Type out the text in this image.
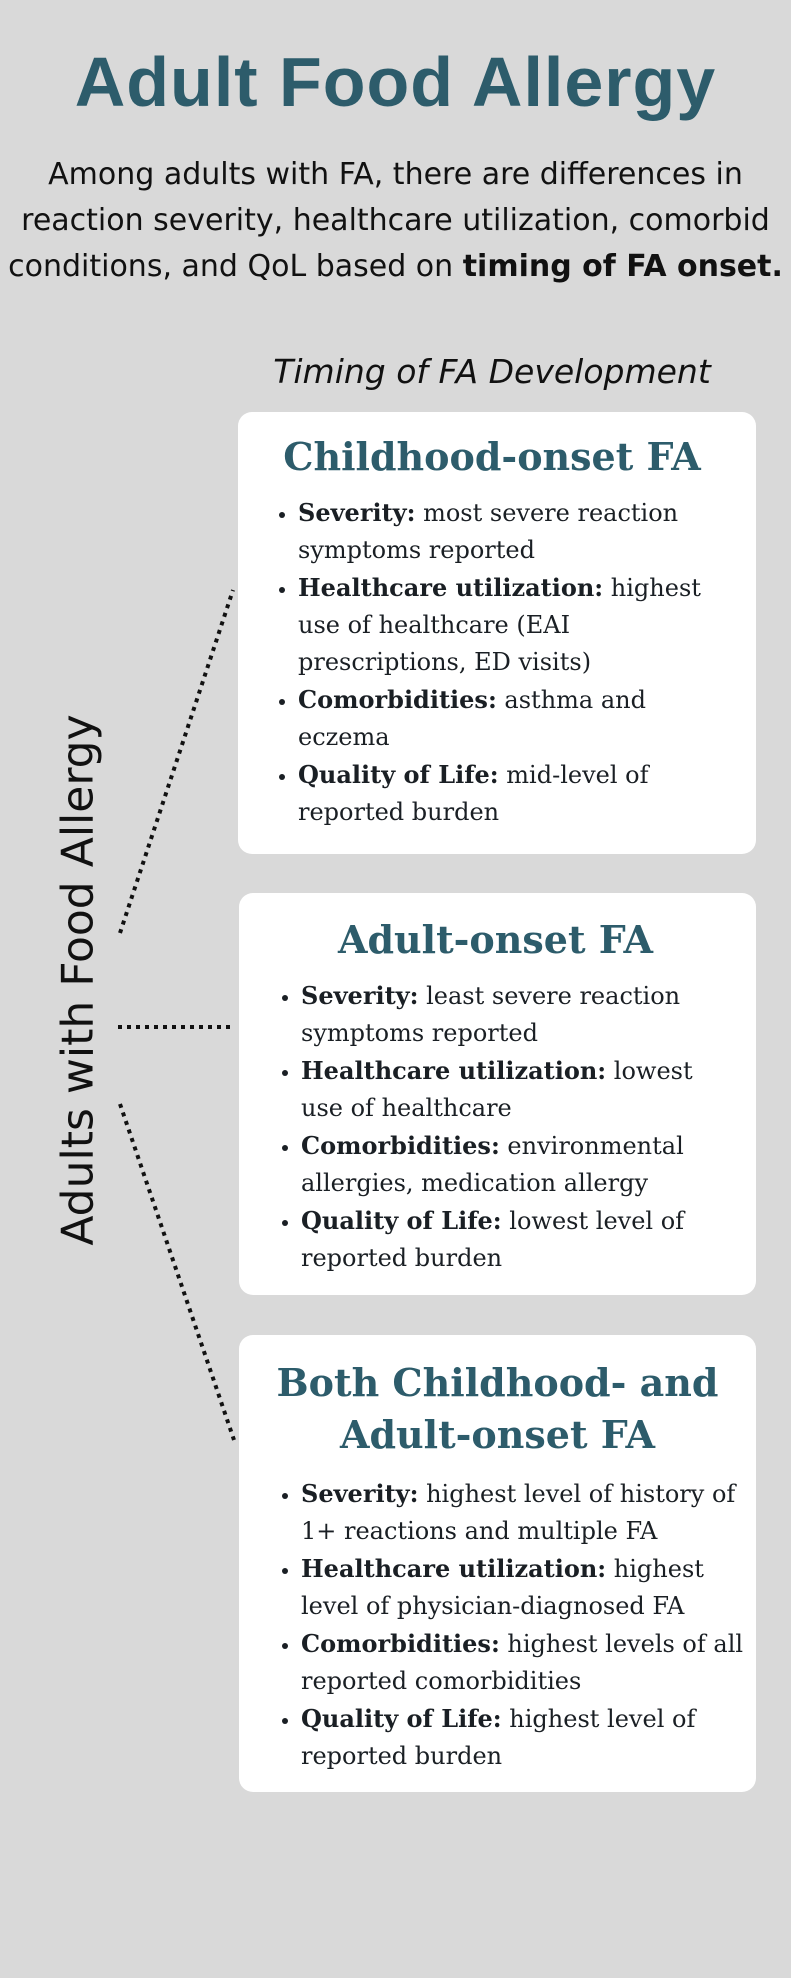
Adult Food Allergy

Among adults with FA, there are differences in reaction severity, healthcare utilization, comorbid conditions, and QoL based on timing of FA onset.

Timing of FA Development
Adults with Food Allergy
Childhood-onset FA
• Severity: most severe reaction symptoms reported
• Healthcare utilization: highest use of healthcare (EAI prescriptions, ED visits)
• Comorbidities: asthma and eczema
• Quality of Life: mid-level of reported burden
Adult-onset FA
• Severity: least severe reaction symptoms reported
• Healthcare utilization: lowest use of healthcare
• Comorbidities: environmental allergies, medication allergy
• Quality of Life: lowest level of reported burden
Both Childhood- and Adult-onset FA
• Severity: highest level of history of 1+ reactions and multiple FA
• Healthcare utilization: highest level of physician-diagnosed FA
• Comorbidities: highest levels of all reported comorbidities
• Quality of Life: highest level of reported burden
